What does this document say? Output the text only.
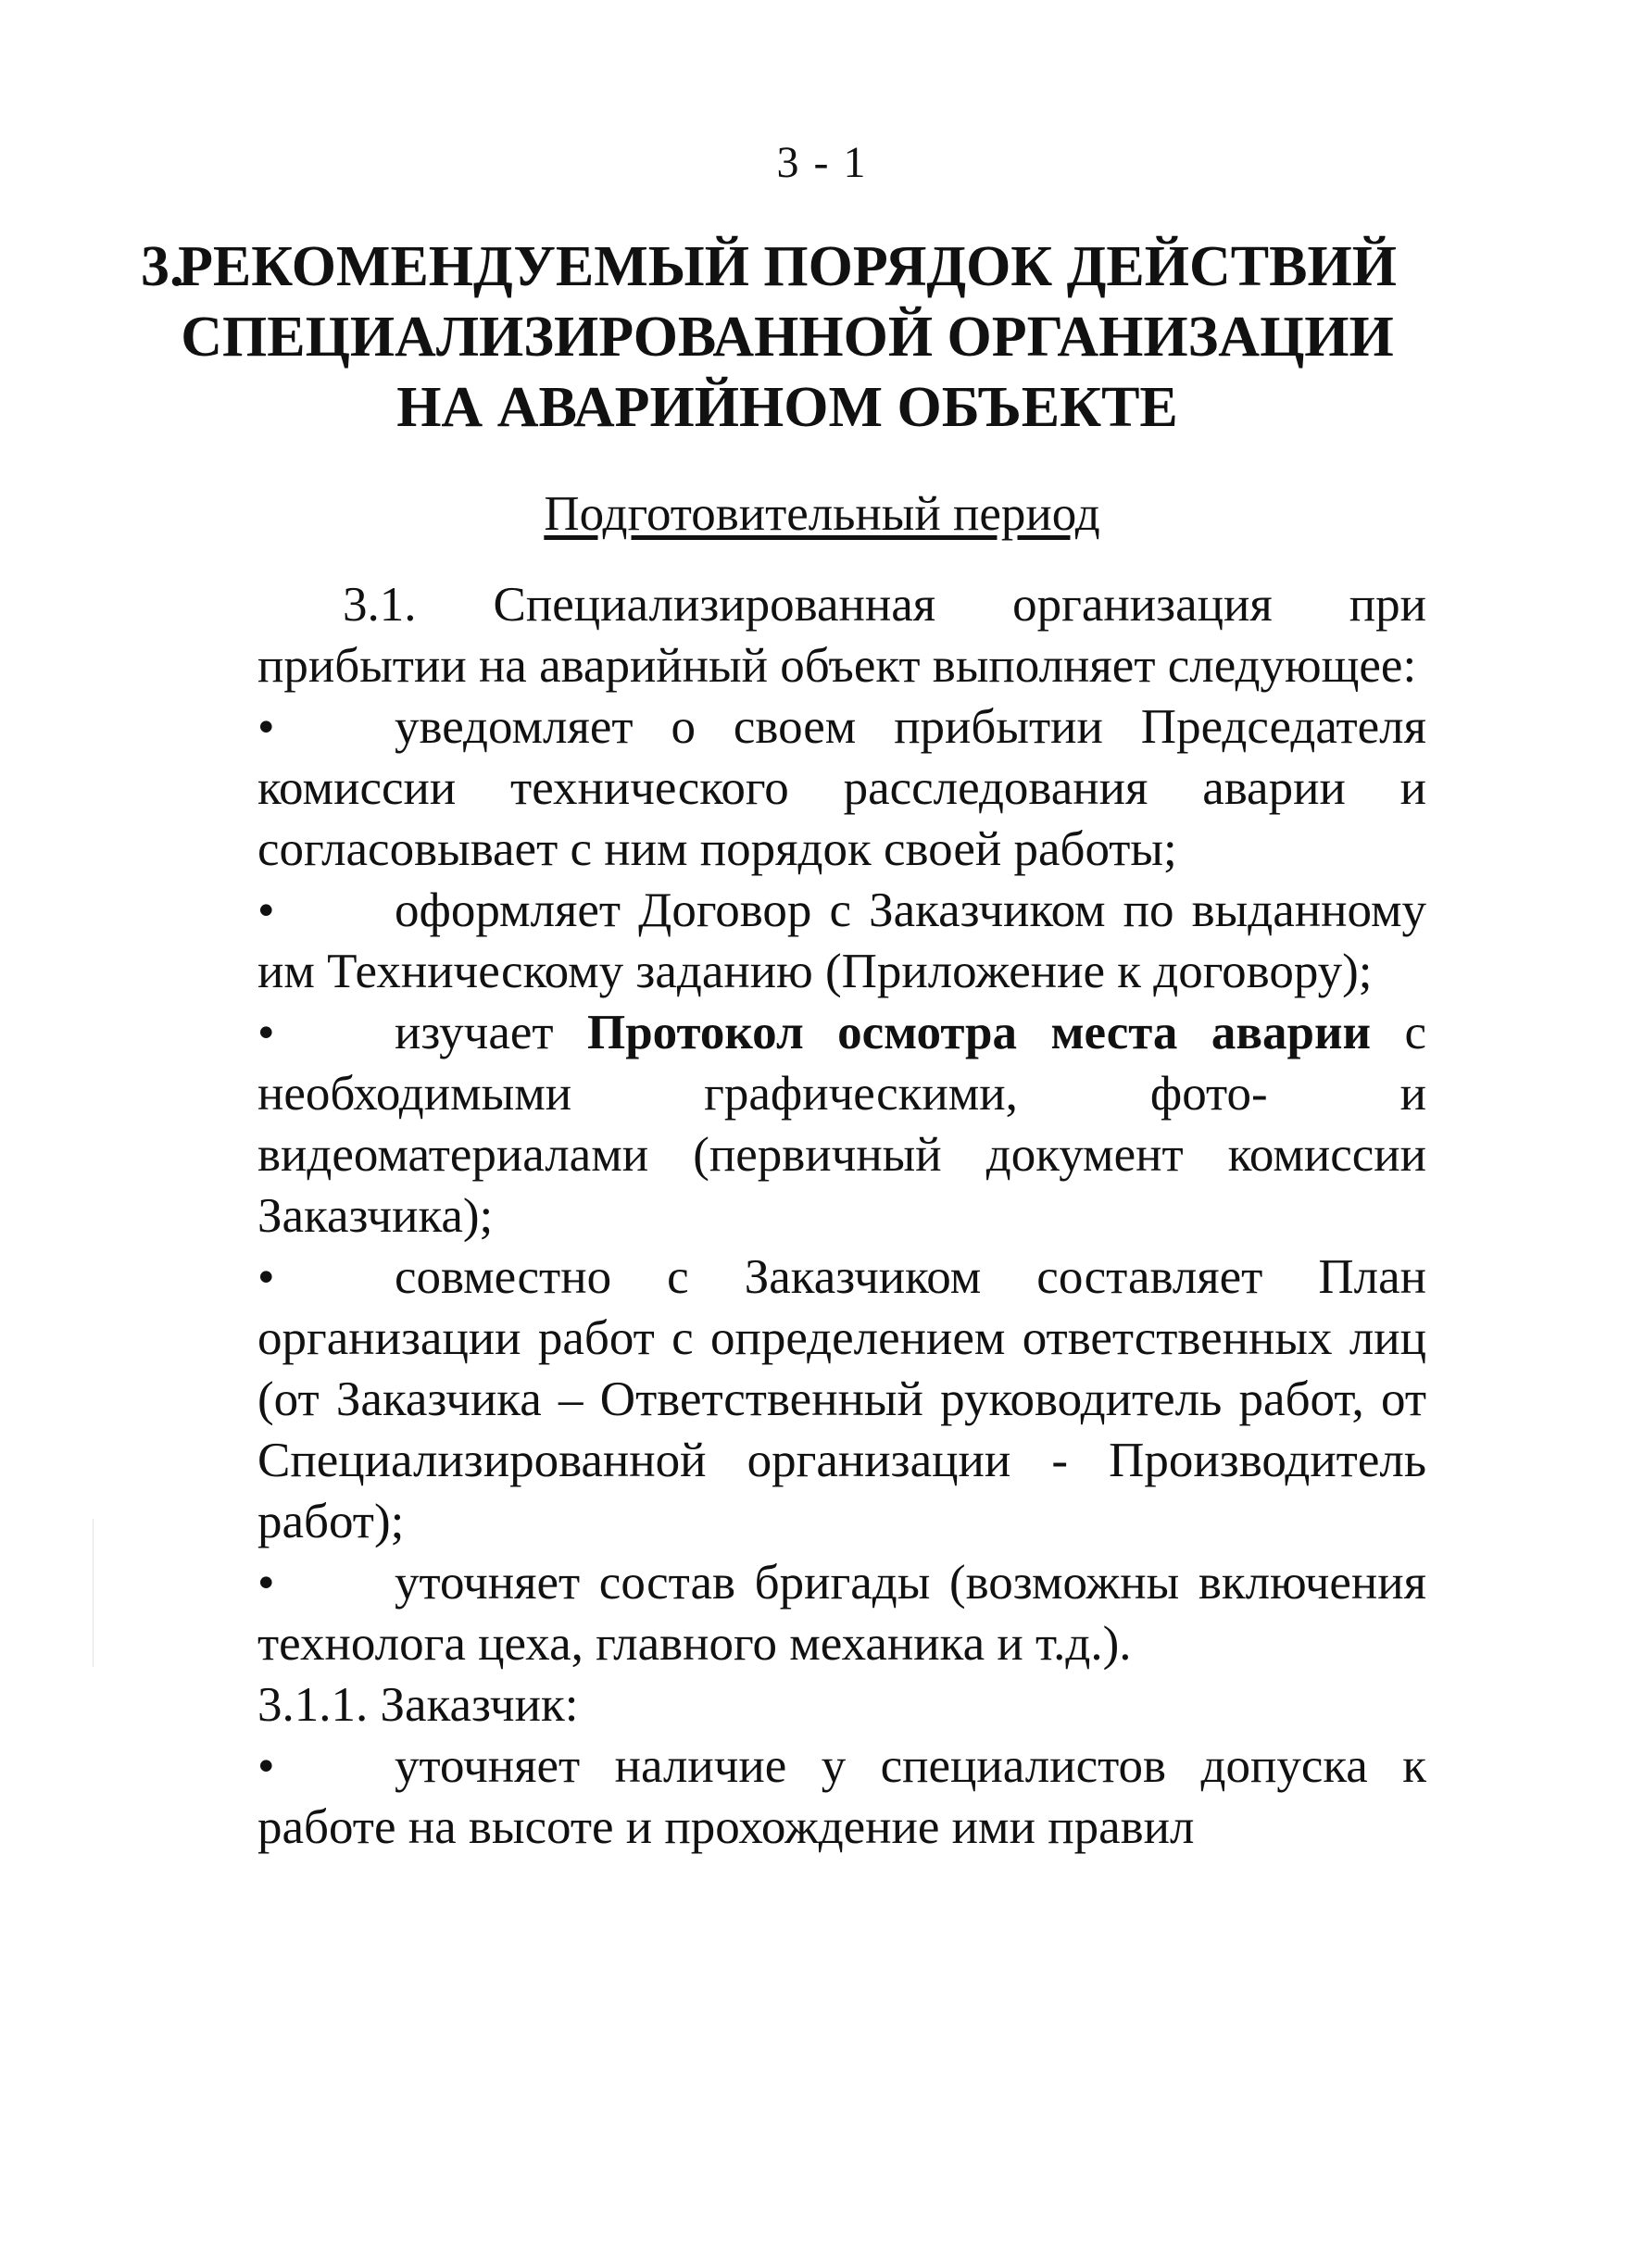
3 - 1
3.
РЕКОМЕНДУЕМЫЙ ПОРЯДОК ДЕЙСТВИЙ
СПЕЦИАЛИЗИРОВАННОЙ ОРГАНИЗАЦИИ
НА АВАРИЙНОМ ОБЪЕКТЕ
Подготовительный период

3.1. Специализированная организация при прибытии на аварийный объект выполняет следующее:

• уведомляет о своем прибытии Председателя комиссии технического расследования аварии и согласовывает с ним порядок своей работы;

• оформляет Договор с Заказчиком по выданному им Техническому заданию (Приложение к договору);

• изучает Протокол осмотра места аварии с необходимыми графическими, фото- и видеоматериалами (первичный документ комиссии Заказчика);

• совместно с Заказчиком составляет План организации работ с определением ответственных лиц (от Заказчика – Ответственный руководитель работ, от Специализированной организации - Производитель работ);

• уточняет состав бригады (возможны включения технолога цеха, главного механика и т.д.).

3.1.1. Заказчик:

• уточняет наличие у специалистов допуска к работе на высоте и прохождение ими правил
